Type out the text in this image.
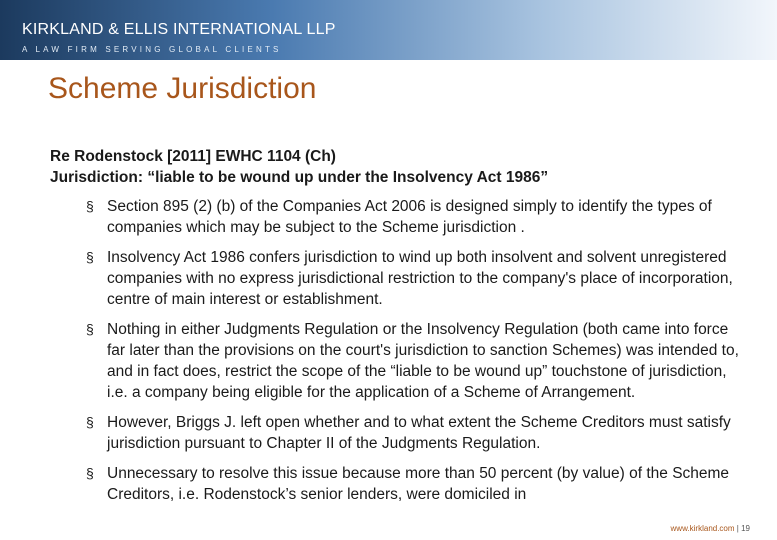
KIRKLAND & ELLIS INTERNATIONAL LLP
A LAW FIRM SERVING GLOBAL CLIENTS
Scheme Jurisdiction

Re Rodenstock [2011] EWHC 1104 (Ch)

Jurisdiction: “liable to be wound up under the Insolvency Act 1986”

§ Section 895 (2) (b) of the Companies Act 2006 is designed simply to identify the types of companies which may be subject to the Scheme jurisdiction .
§ Insolvency Act 1986 confers jurisdiction to wind up both insolvent and solvent unregistered companies with no express jurisdictional restriction to the company's place of incorporation, centre of main interest or establishment.
§ Nothing in either Judgments Regulation or the Insolvency Regulation (both came into force far later than the provisions on the court's jurisdiction to sanction Schemes) was intended to, and in fact does, restrict the scope of the “liable to be wound up” touchstone of jurisdiction, i.e. a company being eligible for the application of a Scheme of Arrangement.
§ However, Briggs J. left open whether and to what extent the Scheme Creditors must satisfy jurisdiction pursuant to Chapter II of the Judgments Regulation.
§ Unnecessary to resolve this issue because more than 50 percent (by value) of the Scheme Creditors, i.e. Rodenstock’s senior lenders, were domiciled in
www.kirkland.com | 19
